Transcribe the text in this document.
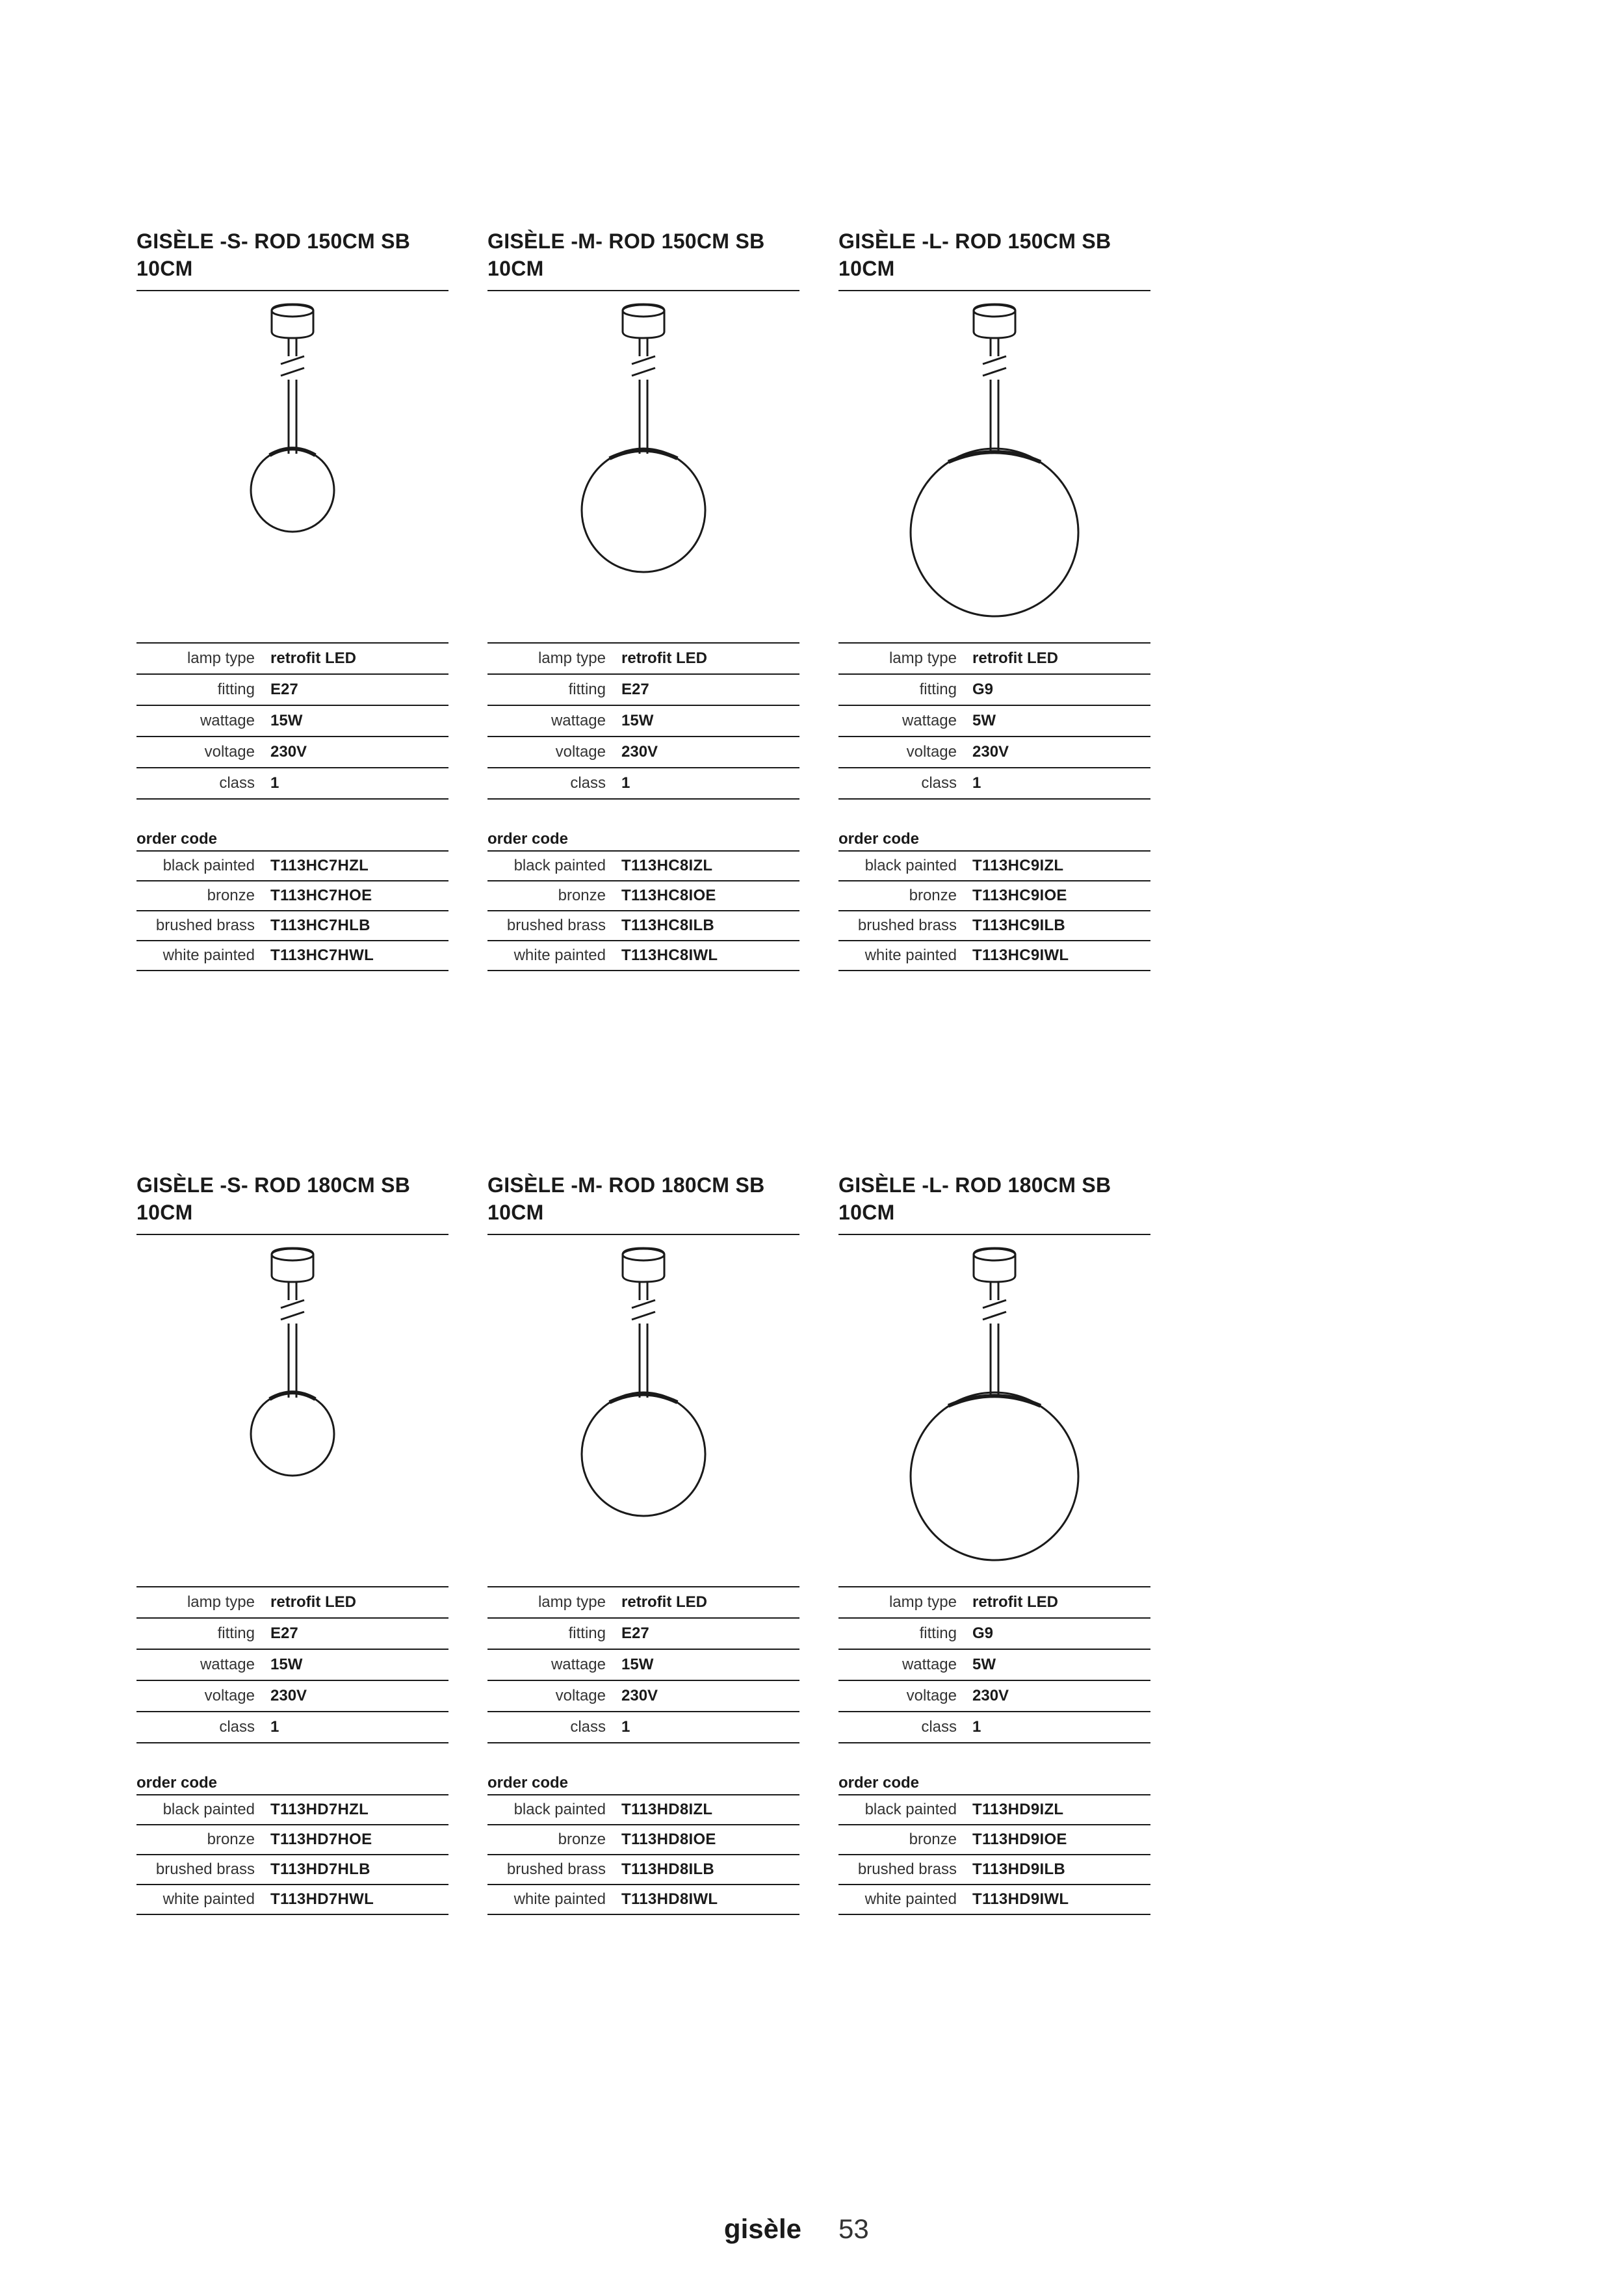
GISÈLE -S- ROD 150CM SB
10CM
lamp type	retrofit LED
fitting	E27
wattage	15W
voltage	230V
class	1
order code
black painted	T113HC7HZL
bronze	T113HC7HOE
brushed brass	T113HC7HLB
white painted	T113HC7HWL
GISÈLE -M- ROD 150CM SB
10CM
lamp type	retrofit LED
fitting	E27
wattage	15W
voltage	230V
class	1
order code
black painted	T113HC8IZL
bronze	T113HC8IOE
brushed brass	T113HC8ILB
white painted	T113HC8IWL
GISÈLE -L- ROD 150CM SB
10CM
lamp type	retrofit LED
fitting	G9
wattage	5W
voltage	230V
class	1
order code
black painted	T113HC9IZL
bronze	T113HC9IOE
brushed brass	T113HC9ILB
white painted	T113HC9IWL
GISÈLE -S- ROD 180CM SB
10CM
lamp type	retrofit LED
fitting	E27
wattage	15W
voltage	230V
class	1
order code
black painted	T113HD7HZL
bronze	T113HD7HOE
brushed brass	T113HD7HLB
white painted	T113HD7HWL
GISÈLE -M- ROD 180CM SB
10CM
lamp type	retrofit LED
fitting	E27
wattage	15W
voltage	230V
class	1
order code
black painted	T113HD8IZL
bronze	T113HD8IOE
brushed brass	T113HD8ILB
white painted	T113HD8IWL
GISÈLE -L- ROD 180CM SB
10CM
lamp type	retrofit LED
fitting	G9
wattage	5W
voltage	230V
class	1
order code
black painted	T113HD9IZL
bronze	T113HD9IOE
brushed brass	T113HD9ILB
white painted	T113HD9IWL
gisèle 53
